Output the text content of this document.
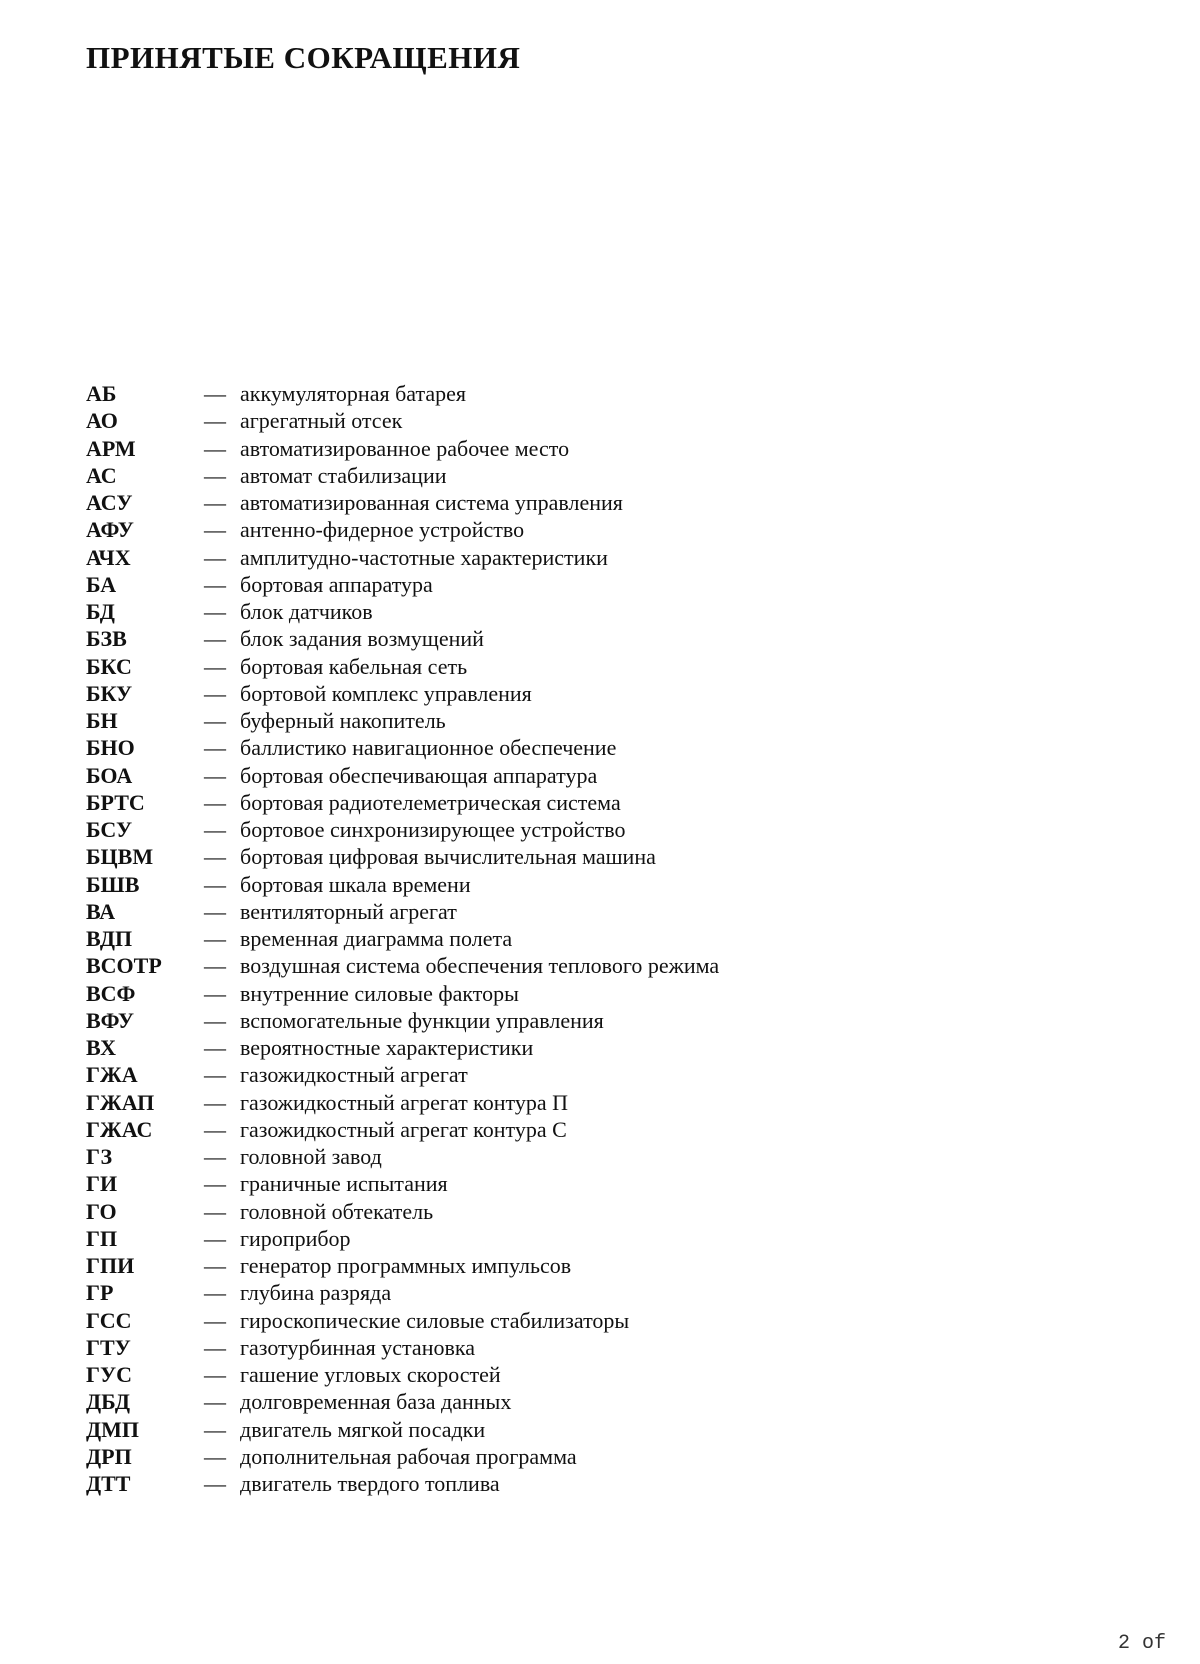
ПРИНЯТЫЕ СОКРАЩЕНИЯ
АБ	— аккумуляторная батарея
АО	— агрегатный отсек
АРМ	— автоматизированное рабочее место
АС	— автомат стабилизации
АСУ	— автоматизированная система управления
АФУ	— антенно-фидерное устройство
АЧХ	— амплитудно-частотные характеристики
БА	— бортовая аппаратура
БД	— блок датчиков
БЗВ	— блок задания возмущений
БКС	— бортовая кабельная сеть
БКУ	— бортовой комплекс управления
БН	— буферный накопитель
БНО	— баллистико навигационное обеспечение
БОА	— бортовая обеспечивающая аппаратура
БРТС	— бортовая радиотелеметрическая система
БСУ	— бортовое синхронизирующее устройство
БЦВМ	— бортовая цифровая вычислительная машина
БШВ	— бортовая шкала времени
ВА	— вентиляторный агрегат
ВДП	— временная диаграмма полета
ВСОТР	— воздушная система обеспечения теплового режима
ВСФ	— внутренние силовые факторы
ВФУ	— вспомогательные функции управления
ВХ	— вероятностные характеристики
ГЖА	— газожидкостный агрегат
ГЖАП	— газожидкостный агрегат контура П
ГЖАС	— газожидкостный агрегат контура С
ГЗ	— головной завод
ГИ	— граничные испытания
ГО	— головной обтекатель
ГП	— гироприбор
ГПИ	— генератор программных импульсов
ГР	— глубина разряда
ГСС	— гироскопические силовые стабилизаторы
ГТУ	— газотурбинная установка
ГУС	— гашение угловых скоростей
ДБД	— долговременная база данных
ДМП	— двигатель мягкой посадки
ДРП	— дополнительная рабочая программа
ДТТ	— двигатель твердого топлива
2 of
